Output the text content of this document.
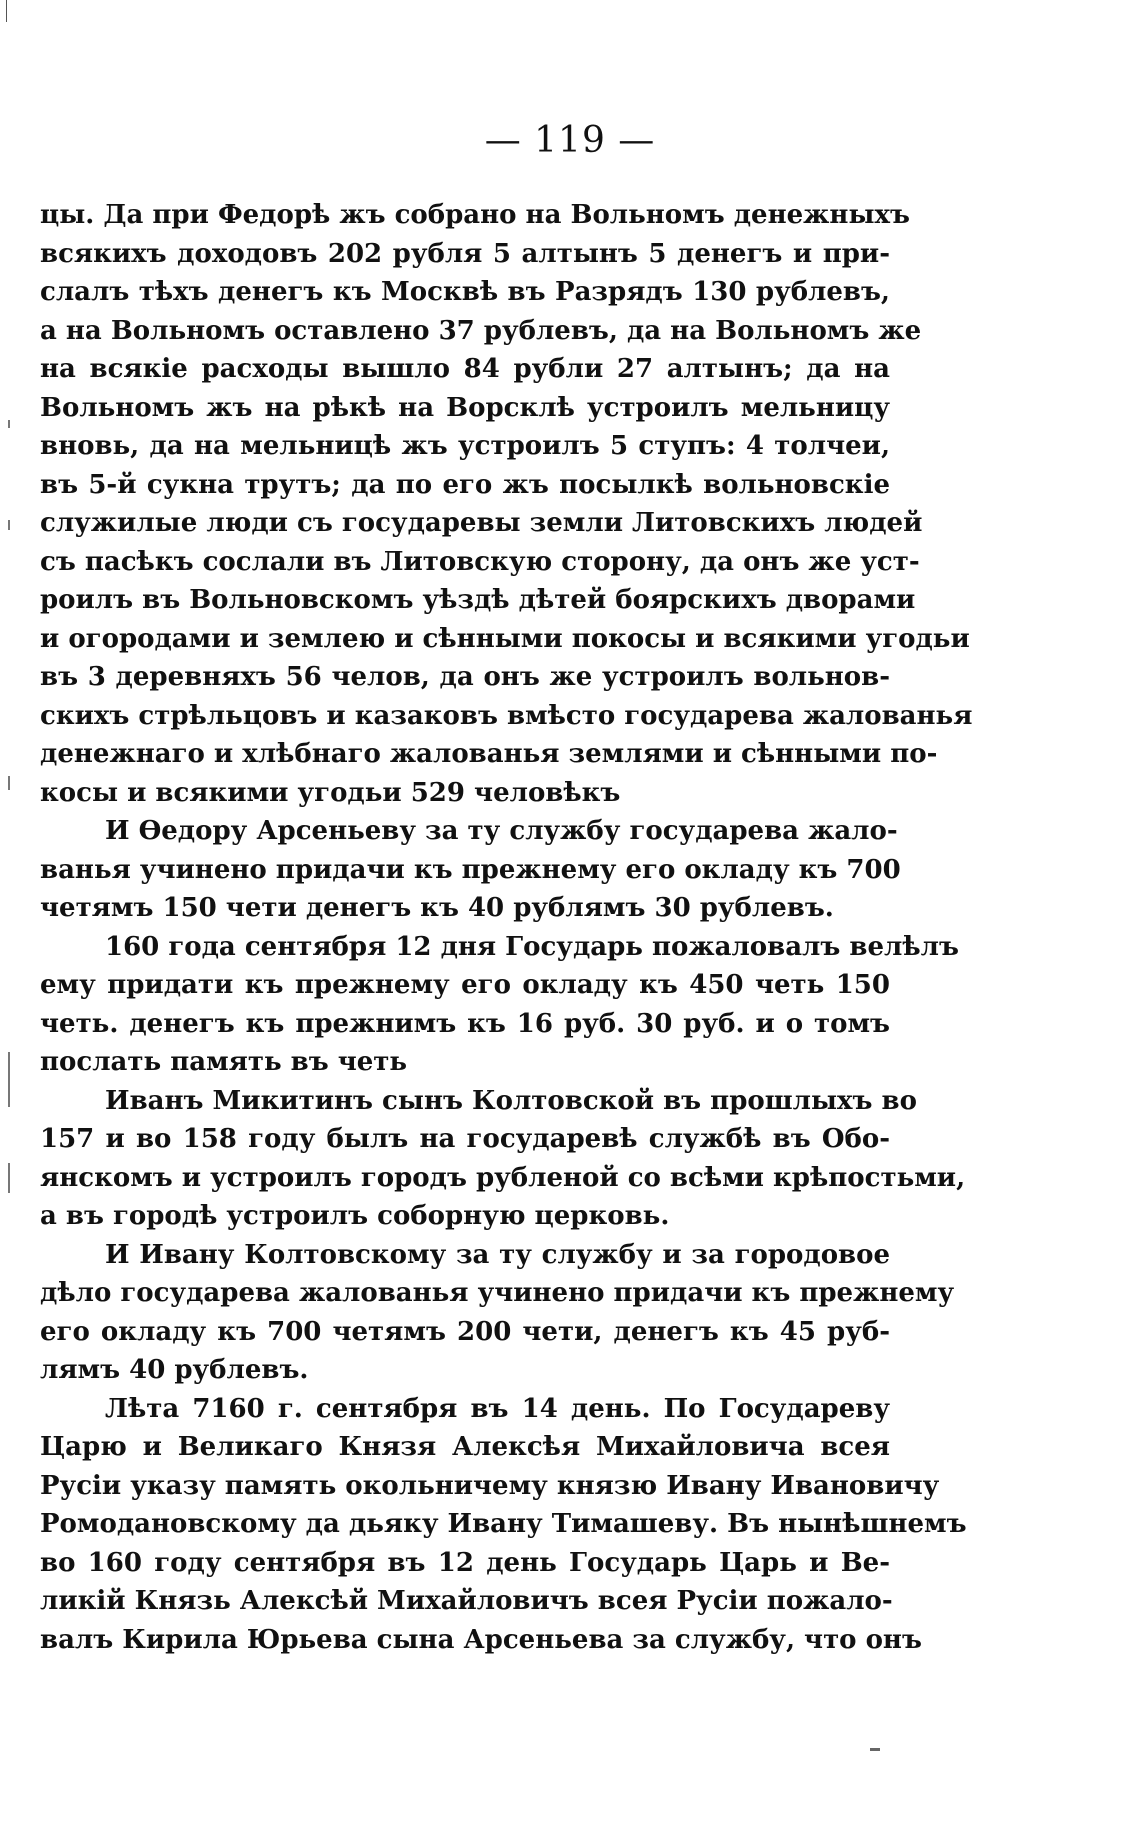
— 119 —
цы. Да при Федорѣ жъ собрано на Вольномъ денежныхъ
всякихъ доходовъ 202 рубля 5 алтынъ 5 денегъ и при-
слалъ тѣхъ денегъ къ Москвѣ въ Разрядъ 130 рублевъ,
а на Вольномъ оставлено 37 рублевъ, да на Вольномъ же
на всякіе расходы вышло 84 рубли 27 алтынъ; да на
Вольномъ жъ на рѣкѣ на Ворсклѣ устроилъ мельницу
вновь, да на мельницѣ жъ устроилъ 5 ступъ: 4 толчеи,
въ 5-й сукна трутъ; да по его жъ посылкѣ вольновскіе
служилые люди съ государевы земли Литовскихъ людей
съ пасѣкъ сослали въ Литовскую сторону, да онъ же уст-
роилъ въ Вольновскомъ уѣздѣ дѣтей боярскихъ дворами
и огородами и землею и сѣнными покосы и всякими угодьи
въ 3 деревняхъ 56 челов, да онъ же устроилъ вольнов-
скихъ стрѣльцовъ и казаковъ вмѣсто государева жалованья
денежнаго и хлѣбнаго жалованья землями и сѣнными по-
косы и всякими угодьи 529 человѣкъ
И Ѳедору Арсеньеву за ту службу государева жало-
ванья учинено придачи къ прежнему его окладу къ 700
четямъ 150 чети денегъ къ 40 рублямъ 30 рублевъ.
160 года сентября 12 дня Государь пожаловалъ велѣлъ
ему придати къ прежнему его окладу къ 450 четь 150
четь. денегъ къ прежнимъ къ 16 руб. 30 руб. и о томъ
послать память въ четь
Иванъ Микитинъ сынъ Колтовской въ прошлыхъ во
157 и во 158 году былъ на государевѣ службѣ въ Обо-
янскомъ и устроилъ городъ рубленой со всѣми крѣпостьми,
а въ городѣ устроилъ соборную церковь.
И Ивану Колтовскому за ту службу и за городовое
дѣло государева жалованья учинено придачи къ прежнему
его окладу къ 700 четямъ 200 чети, денегъ къ 45 руб-
лямъ 40 рублевъ.
Лѣта 7160 г. сентября въ 14 день. По Государеву
Царю и Великаго Князя Алексѣя Михайловича всея
Русіи указу память окольничему князю Ивану Ивановичу
Ромодановскому да дьяку Ивану Тимашеву. Въ нынѣшнемъ
во 160 году сентября въ 12 день Государь Царь и Ве-
ликій Князь Алексѣй Михайловичъ всея Русіи пожало-
валъ Кирила Юрьева сына Арсеньева за службу, что онъ
